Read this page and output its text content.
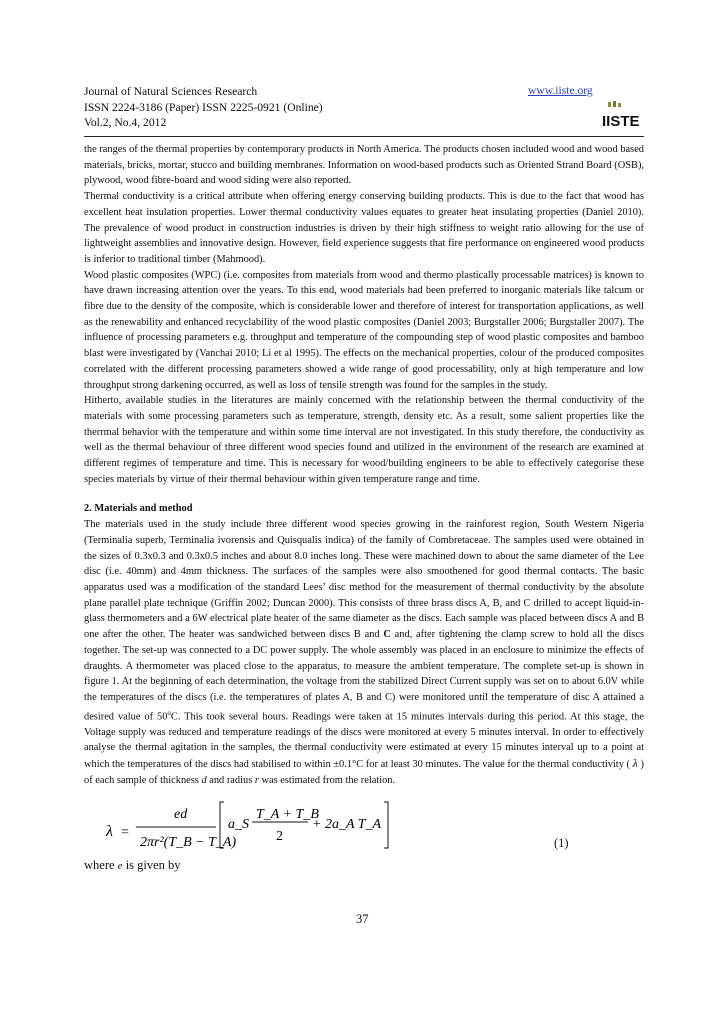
Journal of Natural Sciences Research
ISSN 2224-3186 (Paper) ISSN 2225-0921 (Online)
Vol.2, No.4, 2012
www.iiste.org
IISTE

the ranges of the thermal properties by contemporary products in North America. The products chosen included wood and wood based materials, bricks, mortar, stucco and building membranes. Information on wood-based products such as Oriented Strand Board (OSB), plywood, wood fibre-board and wood siding were also reported.

Thermal conductivity is a critical attribute when offering energy conserving building products. This is due to the fact that wood has excellent heat insulation properties. Lower thermal conductivity values equates to greater heat insulating properties (Daniel 2010). The prevalence of wood product in construction industries is driven by their high stiffness to weight ratio allowing for the use of lightweight assemblies and innovative design. However, field experience suggests that fire performance on engineered wood products is inferior to traditional timber (Mahmood).

Wood plastic composites (WPC) (i.e. composites from materials from wood and thermo plastically processable matrices) is known to have drawn increasing attention over the years. To this end, wood materials had been preferred to inorganic materials like talcum or fibre due to the density of the composite, which is considerable lower and therefore of interest for transportation applications, as well as the renewability and enhanced recyclability of the wood plastic composites (Daniel 2003; Burgstaller 2006; Burgstaller 2007). The influence of processing parameters e.g. throughput and temperature of the compounding step of wood plastic composites and bamboo blast were investigated by (Vanchai 2010; Li et al 1995). The effects on the mechanical properties, colour of the produced composites correlated with the different processing parameters showed a wide range of good processability, only at high temperature and low throughput strong darkening occurred, as well as loss of tensile strength was found for the samples in the study.

Hitherto, available studies in the literatures are mainly concerned with the relationship between the thermal conductivity of the materials with some processing parameters such as temperature, strength, density etc. As a result, some salient properties like the therrmal behavior with the temperature and within some time interval are not investigated. In this study therefore, the conductivity as well as the thermal behaviour of three different wood species found and utilized in the environment of the research are examined at different regimes of temperature and time. This is necessary for wood/building engineers to be able to effectively categorise these species materials by virtue of their thermal behaviour within given temperature range and time.

2. Materials and method

The materials used in the study include three different wood species growing in the rainforest region, South Western Nigeria (Terminalia superb, Terminalia ivorensis and Quisqualis indica) of the family of Combretaceae. The samples used were obtained in the sizes of 0.3x0.3 and 0.3x0.5 inches and about 8.0 inches long. These were machined down to about the same diameter of the Lee disc (i.e. 40mm) and 4mm thickness. The surfaces of the samples were also smoothened for good thermal contacts. The basic apparatus used was a modification of the standard Lees’ disc method for the measurement of thermal conductivity by the absolute plane parallel plate technique (Griffin 2002; Duncan 2000). This consists of three brass discs A, B, and C drilled to accept liquid-in-glass thermometers and a 6W electrical plate heater of the same diameter as the discs. Each sample was placed between discs A and B one after the other. The heater was sandwiched between discs B and C and, after tightening the clamp screw to hold all the discs together. The set-up was connected to a DC power supply. The whole assembly was placed in an enclosure to minimize the effects of draughts. A thermometer was placed close to the apparatus, to measure the ambient temperature. The complete set-up is shown in figure 1. At the beginning of each determination, the voltage from the stabilized Direct Current supply was set on to about 6.0V while the temperatures of the discs (i.e. the temperatures of plates A, B and C) were monitored until the temperature of disc A attained a desired value of 50$^o$C. This took several hours. Readings were taken at 15 minutes intervals during this period. At this stage, the Voltage supply was reduced and temperature readings of the discs were monitored at every 5 minutes interval. In order to effectively analyse the thermal agitation in the samples, the thermal conductivity were estimated at every 15 minutes interval up to a point at which the temperatures of the discs had stabilised to within ±0.1°C for at least 30 minutes. The value for the thermal conductivity ( λ ) of each sample of thickness d and radius r was estimated from the relation.

λ =
ed
2πr²(T_B − T_A)
a_S
T_A + T_B
2
+ 2a_A T_A
(1)
where e is given by
37
